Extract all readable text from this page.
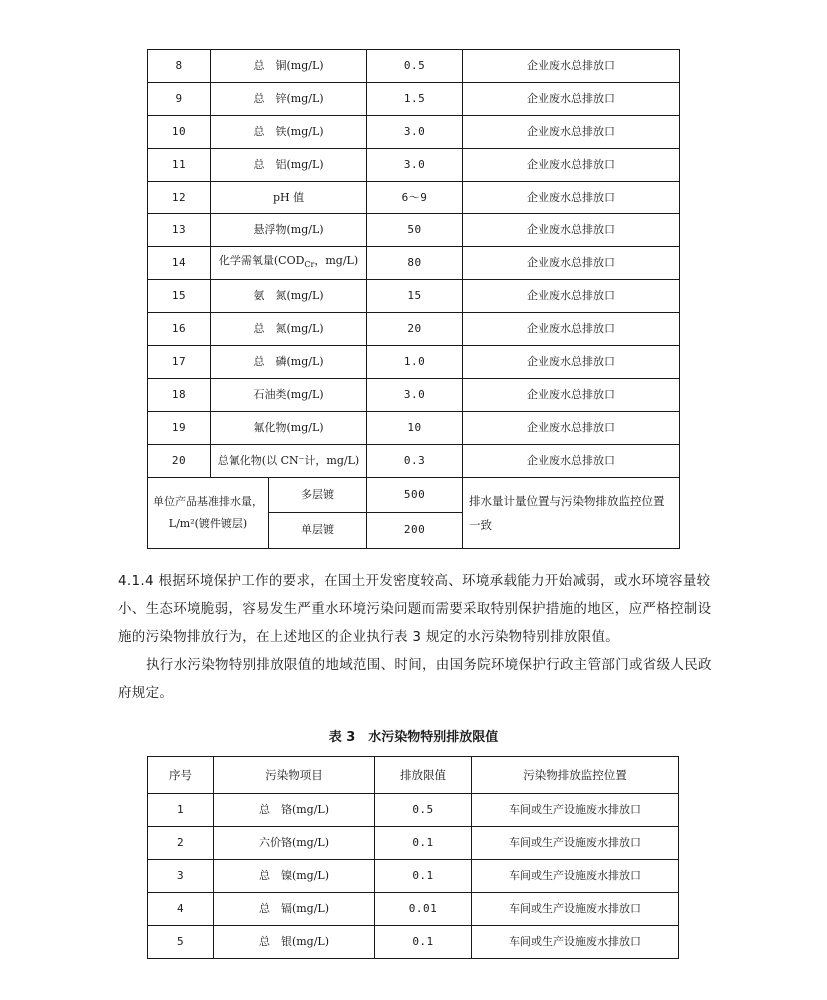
8	总　铜(mg/L)		0.5	企业废水总排放口
9	总　锌(mg/L)		1.5	企业废水总排放口
10	总　铁(mg/L)		3.0	企业废水总排放口
11	总　铝(mg/L)		3.0	企业废水总排放口
12	pH 值		6～9	企业废水总排放口
13	悬浮物(mg/L)		50	企业废水总排放口
14	化学需氧量($COD_{Cr}$，mg/L)		80	企业废水总排放口
15	氨　氮(mg/L)		15	企业废水总排放口
16	总　氮(mg/L)		20	企业废水总排放口
17	总　磷(mg/L)		1.0	企业废水总排放口
18	石油类(mg/L)		3.0	企业废水总排放口
19	氟化物(mg/L)		10	企业废水总排放口
20	总氰化物(以 CN⁻计，mg/L)		0.3	企业废水总排放口
单位产品基准排水量，L/m²(镀件镀层)		多层镀	500	排水量计量位置与污染物排放监控位置一致
		单层镀	200	

4.1.4 根据环境保护工作的要求，在国土开发密度较高、环境承载能力开始减弱，或水环境容量较小、生态环境脆弱，容易发生严重水环境污染问题而需要采取特别保护措施的地区，应严格控制设施的污染物排放行为，在上述地区的企业执行表 3 规定的水污染物特别排放限值。

执行水污染物特别排放限值的地域范围、时间，由国务院环境保护行政主管部门或省级人民政府规定。

表 3　水污染物特别排放限值
序号	污染物项目	排放限值	污染物排放监控位置
1	总　铬(mg/L)	0.5	车间或生产设施废水排放口
2	六价铬(mg/L)	0.1	车间或生产设施废水排放口
3	总　镍(mg/L)	0.1	车间或生产设施废水排放口
4	总　镉(mg/L)	0.01	车间或生产设施废水排放口
5	总　银(mg/L)	0.1	车间或生产设施废水排放口
